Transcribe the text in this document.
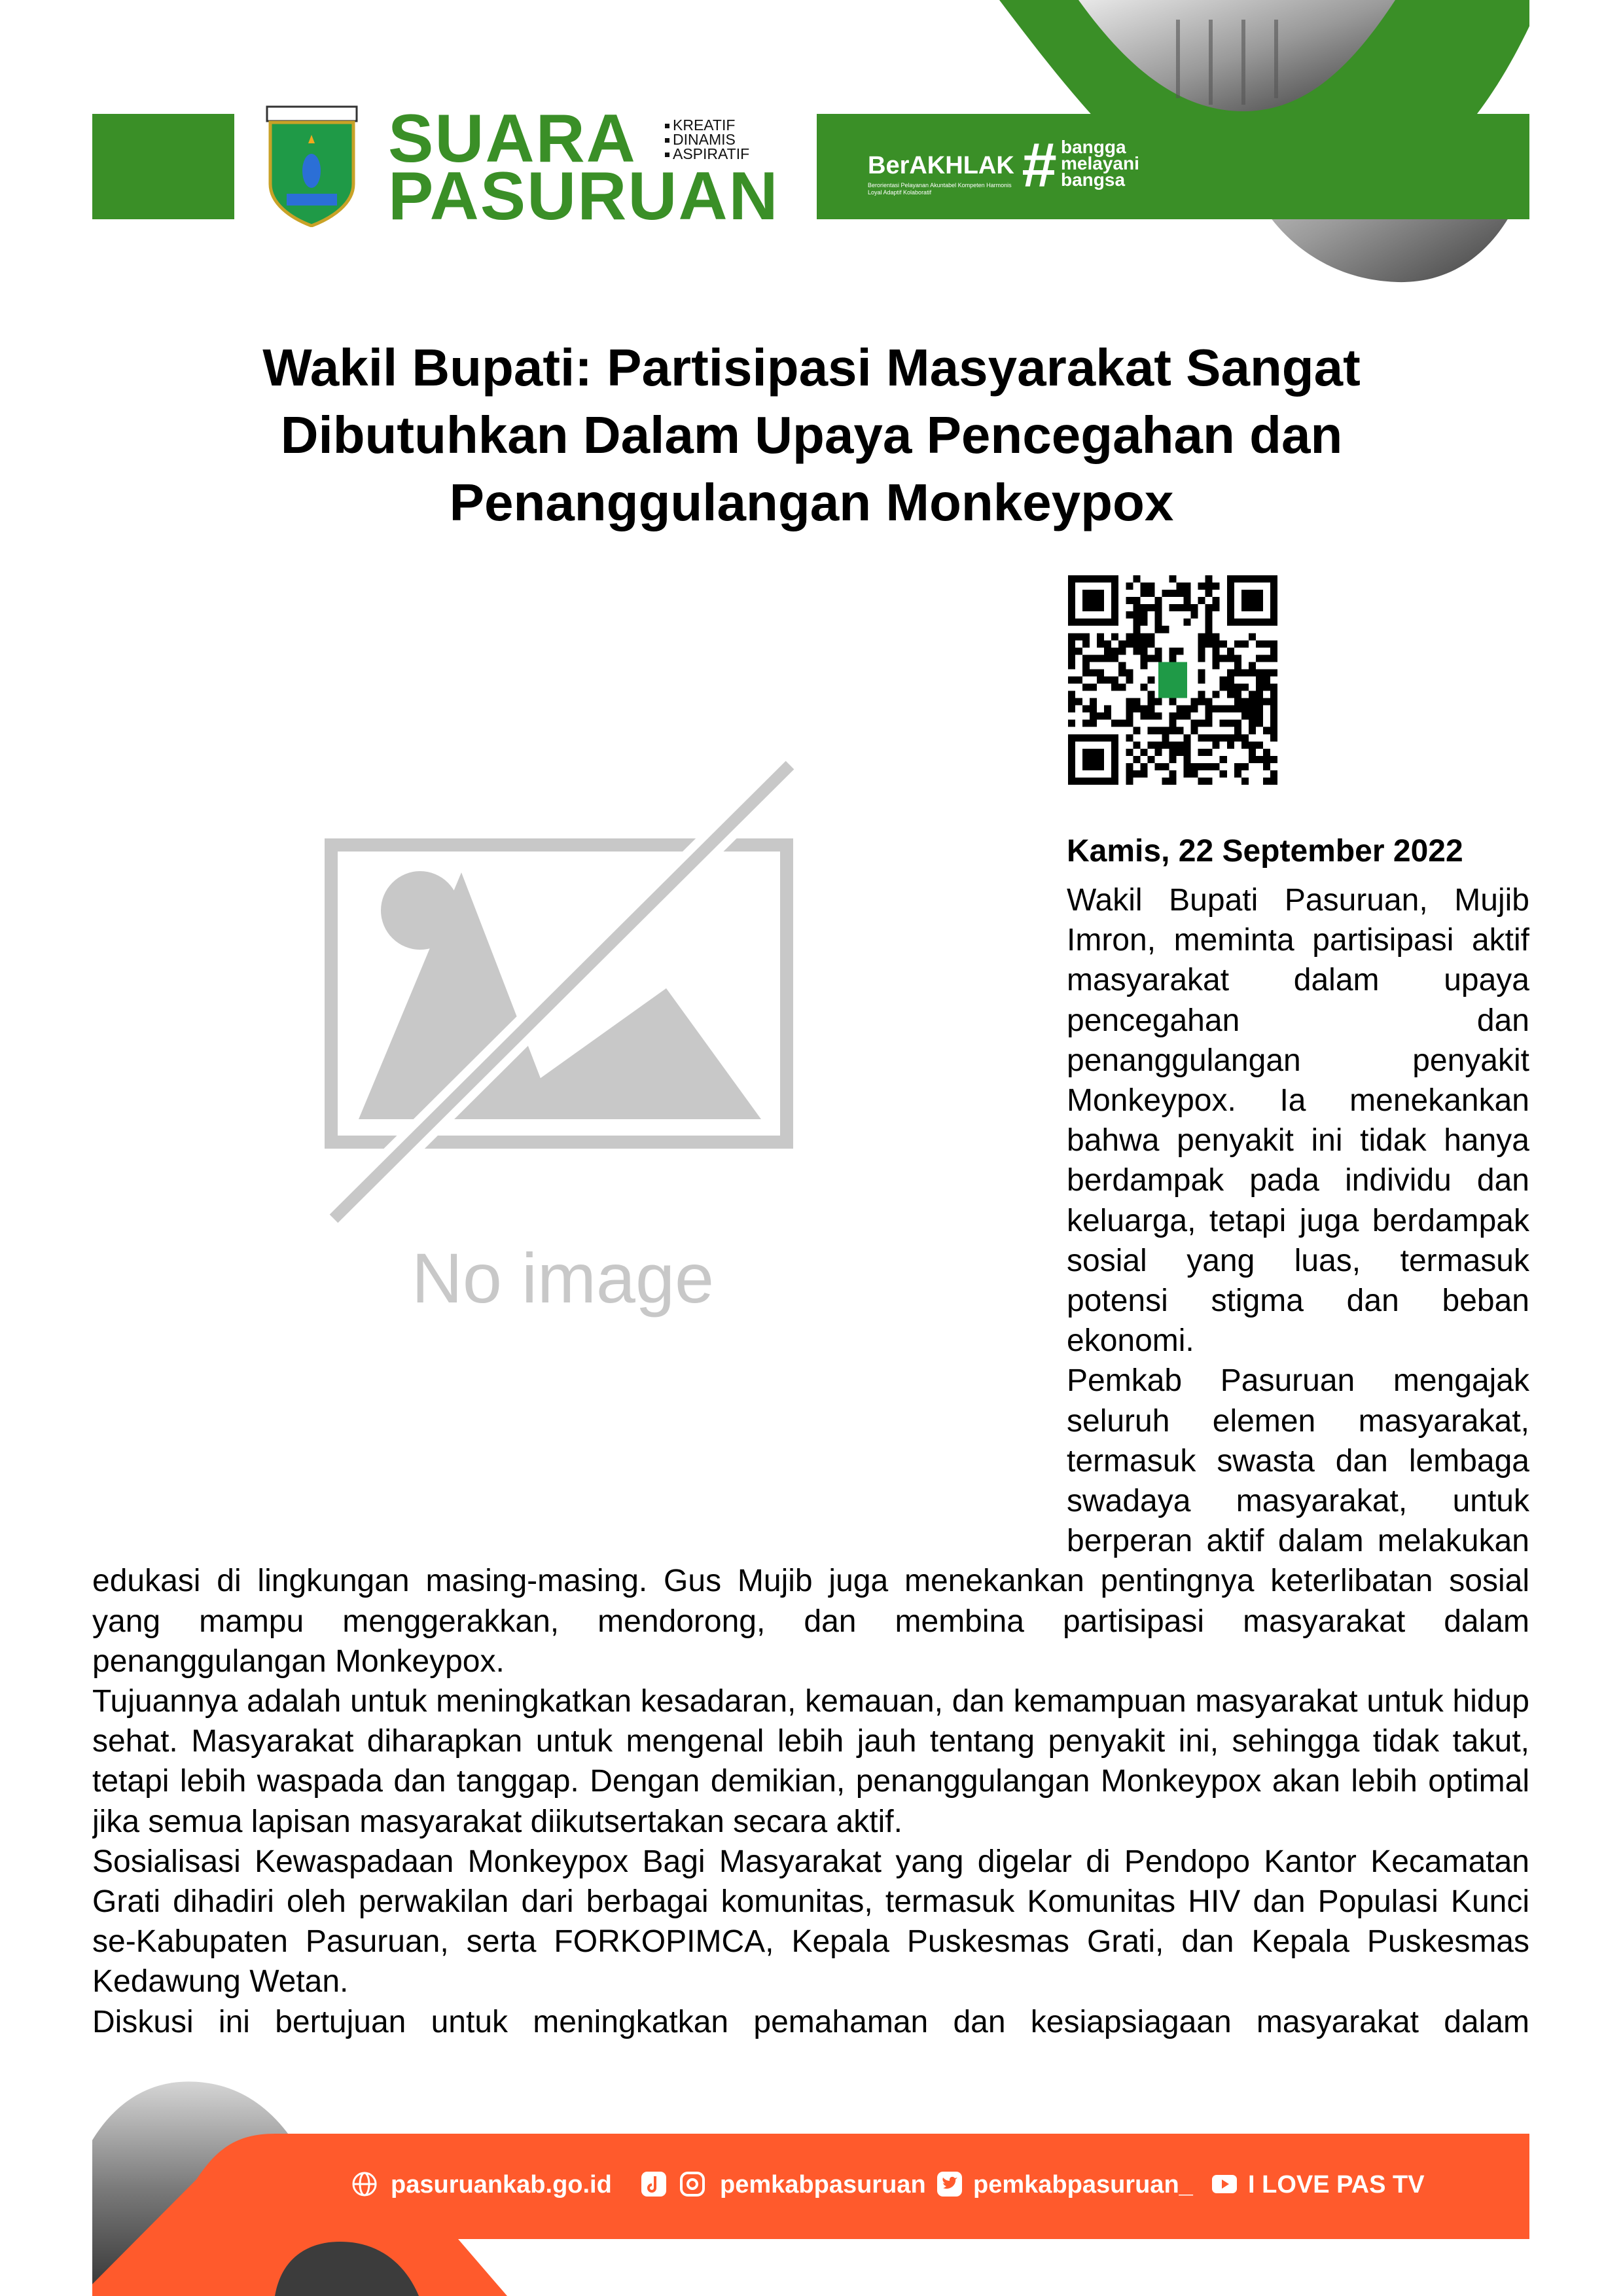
SUARA
PASURUAN
KREATIF
DINAMIS
ASPIRATIF	BerAKHLAK
Berorientasi Pelayanan Akuntabel Kompeten Harmonis Loyal Adaptif Kolaboratif	# bangga
melayani
bangsa
Wakil Bupati: Partisipasi Masyarakat Sangat
Dibutuhkan Dalam Upaya Pencegahan dan
Penanggulangan Monkeypox
No image
Kamis, 22 September 2022

Wakil Bupati Pasuruan, Mujib Imron, meminta partisipasi aktif masyarakat dalam upaya pencegahan dan penanggulangan penyakit Monkeypox. Ia menekankan bahwa penyakit ini tidak hanya berdampak pada individu dan keluarga, tetapi juga berdampak sosial yang luas, termasuk potensi stigma dan beban ekonomi.

Pemkab Pasuruan mengajak seluruh elemen masyarakat, termasuk swasta dan lembaga swadaya masyarakat, untuk berperan aktif dalam melakukan edukasi di lingkungan masing-masing. Gus Mujib juga menekankan pentingnya keterlibatan sosial yang mampu menggerakkan, mendorong, dan membina partisipasi masyarakat dalam penanggulangan Monkeypox.

Tujuannya adalah untuk meningkatkan kesadaran, kemauan, dan kemampuan masyarakat untuk hidup sehat. Masyarakat diharapkan untuk mengenal lebih jauh tentang penyakit ini, sehingga tidak takut, tetapi lebih waspada dan tanggap. Dengan demikian, penanggulangan Monkeypox akan lebih optimal jika semua lapisan masyarakat diikutsertakan secara aktif.

Sosialisasi Kewaspadaan Monkeypox Bagi Masyarakat yang digelar di Pendopo Kantor Kecamatan Grati dihadiri oleh perwakilan dari berbagai komunitas, termasuk Komunitas HIV dan Populasi Kunci se-Kabupaten Pasuruan, serta FORKOPIMCA, Kepala Puskesmas Grati, dan Kepala Puskesmas Kedawung Wetan.

Diskusi ini bertujuan untuk meningkatkan pemahaman dan kesiapsiagaan masyarakat dalam

pasuruankab.go.id	pemkabpasuruan pemkabpasuruan_ I LOVE PAS TV
